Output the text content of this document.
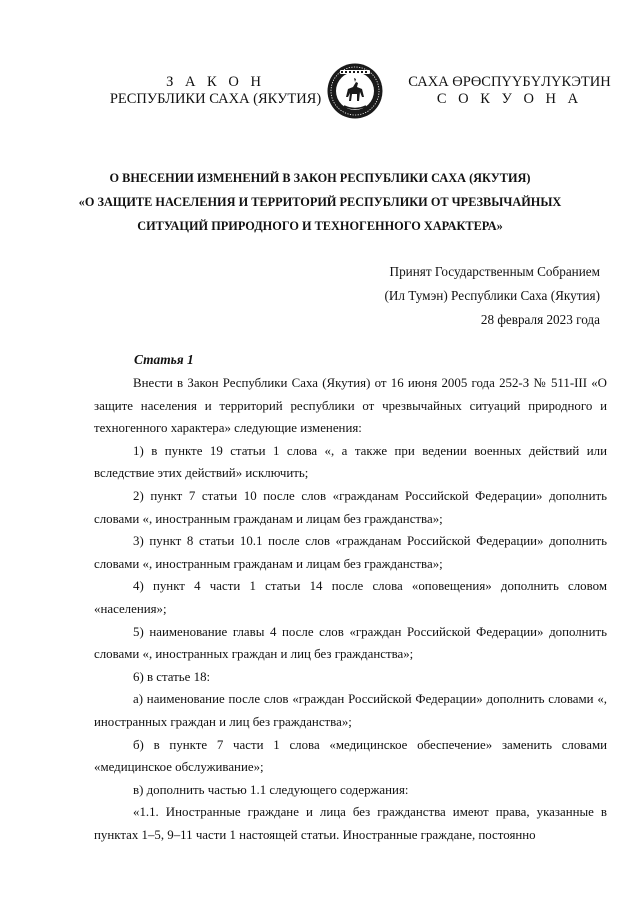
З А К О Н
РЕСПУБЛИКИ САХА (ЯКУТИЯ)
САХА ӨРӨСПҮҮБҮЛҮКЭТИН
С О К У О Н А
О ВНЕСЕНИИ ИЗМЕНЕНИЙ В ЗАКОН РЕСПУБЛИКИ САХА (ЯКУТИЯ)
«О ЗАЩИТЕ НАСЕЛЕНИЯ И ТЕРРИТОРИЙ РЕСПУБЛИКИ ОТ ЧРЕЗВЫЧАЙНЫХ
СИТУАЦИЙ ПРИРОДНОГО И ТЕХНОГЕННОГО ХАРАКТЕРА»
Принят Государственным Собранием
(Ил Тумэн) Республики Саха (Якутия)
28 февраля 2023 года
Статья 1

Внести в Закон Республики Саха (Якутия) от 16 июня 2005 года 252-З № 511-III «О защите населения и территорий республики от чрезвычайных ситуаций природного и техногенного характера» следующие изменения:

1) в пункте 19 статьи 1 слова «, а также при ведении военных действий или вследствие этих действий» исключить;

2) пункт 7 статьи 10 после слов «гражданам Российской Федерации» дополнить словами «, иностранным гражданам и лицам без гражданства»;

3) пункт 8 статьи 10.1 после слов «гражданам Российской Федерации» дополнить словами «, иностранным гражданам и лицам без гражданства»;

4) пункт 4 части 1 статьи 14 после слова «оповещения» дополнить словом «населения»;

5) наименование главы 4 после слов «граждан Российской Федерации» дополнить словами «, иностранных граждан и лиц без гражданства»;

6) в статье 18:

а) наименование после слов «граждан Российской Федерации» дополнить словами «, иностранных граждан и лиц без гражданства»;

б) в пункте 7 части 1 слова «медицинское обеспечение» заменить словами «медицинское обслуживание»;

в) дополнить частью 1.1 следующего содержания:

«1.1. Иностранные граждане и лица без гражданства имеют права, указанные в пунктах 1–5, 9–11 части 1 настоящей статьи. Иностранные граждане, постоянно
